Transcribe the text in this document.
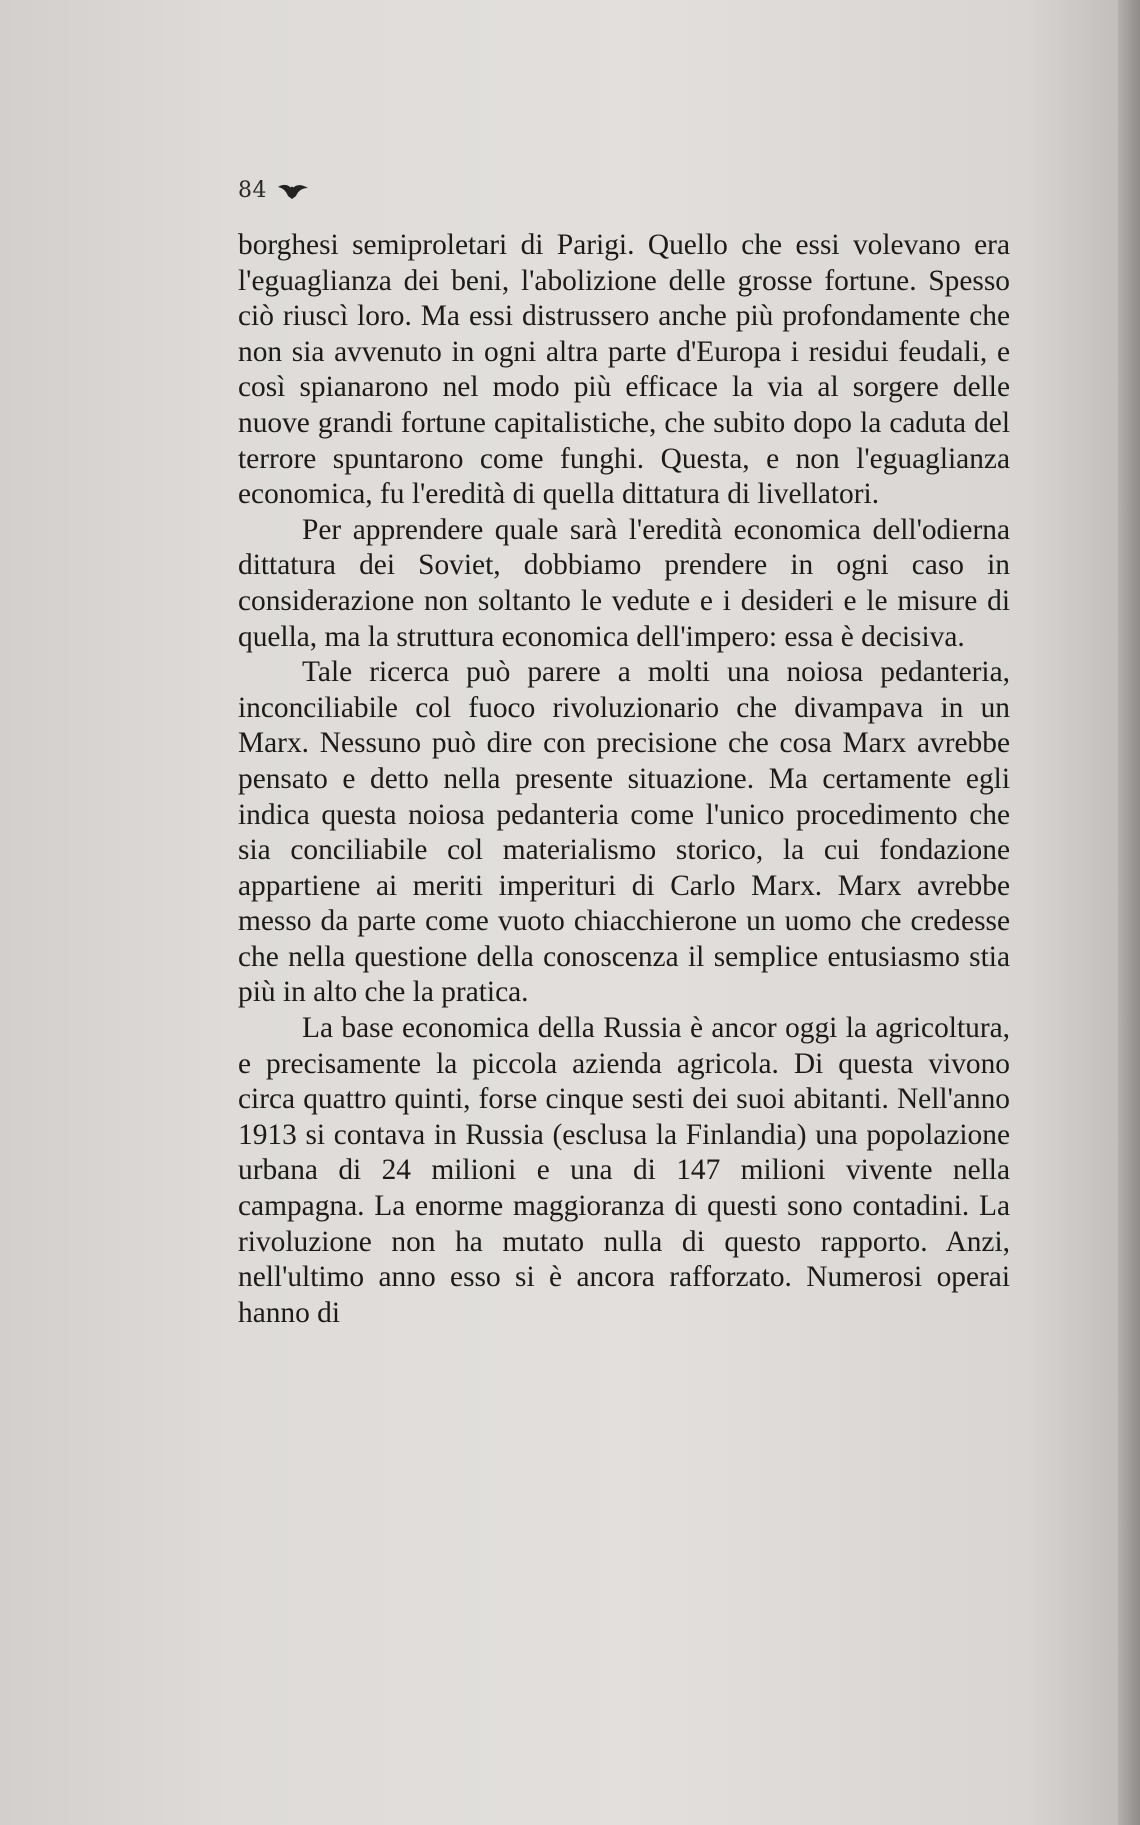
84

borghesi semiproletari di Parigi. Quello che essi volevano era l'eguaglianza dei beni, l'abolizione delle grosse fortune. Spesso ciò riuscì loro. Ma essi distrussero anche più profondamente che non sia avvenuto in ogni altra parte d'Europa i residui feudali, e così spianarono nel modo più efficace la via al sorgere delle nuove grandi fortune capitalistiche, che subito dopo la caduta del terrore spuntarono come funghi. Questa, e non l'eguaglianza economica, fu l'eredità di quella dittatura di livellatori.

Per apprendere quale sarà l'eredità economica dell'odierna dittatura dei Soviet, dobbiamo prendere in ogni caso in considerazione non soltanto le vedute e i desideri e le misure di quella, ma la struttura economica dell'impero: essa è decisiva.

Tale ricerca può parere a molti una noiosa pedanteria, inconciliabile col fuoco rivoluzionario che divampava in un Marx. Nessuno può dire con precisione che cosa Marx avrebbe pensato e detto nella presente situazione. Ma certamente egli indica questa noiosa pedanteria come l'unico procedimento che sia conciliabile col materialismo storico, la cui fondazione appartiene ai meriti imperituri di Carlo Marx. Marx avrebbe messo da parte come vuoto chiacchierone un uomo che credesse che nella questione della conoscenza il semplice entusiasmo stia più in alto che la pratica.

La base economica della Russia è ancor oggi la agricoltura, e precisamente la piccola azienda agricola. Di questa vivono circa quattro quinti, forse cinque sesti dei suoi abitanti. Nell'anno 1913 si contava in Russia (esclusa la Finlandia) una popolazione urbana di 24 milioni e una di 147 milioni vivente nella campagna. La enorme maggioranza di questi sono contadini. La rivoluzione non ha mutato nulla di questo rapporto. Anzi, nell'ultimo anno esso si è ancora rafforzato. Numerosi operai hanno di
